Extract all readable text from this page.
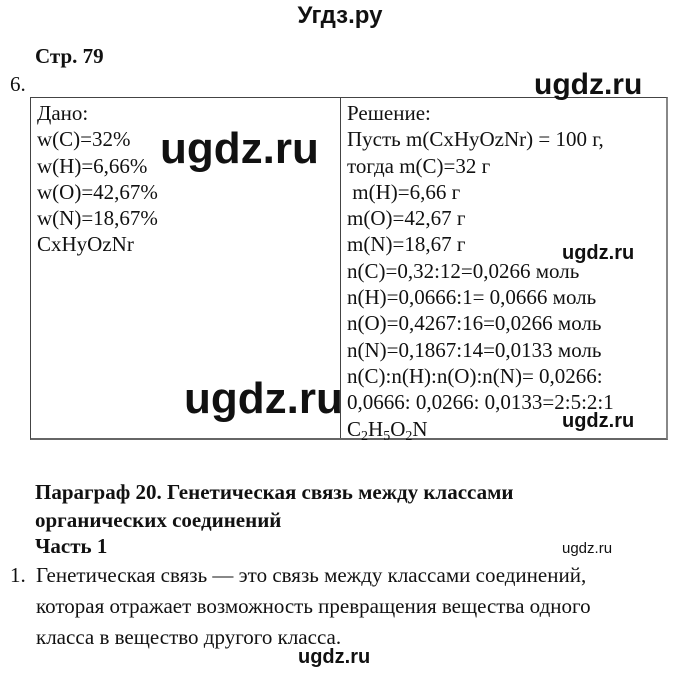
Угдз.ру
Стр. 79
6.
Дано:
w(C)=32%
w(H)=6,66%
w(O)=42,67%
w(N)=18,67%
CxHyOzNr
Решение:
Пусть m(CxHyOzNr) = 100 г,
тогда m(C)=32 г
m(H)=6,66 г
m(O)=42,67 г
m(N)=18,67 г
n(C)=0,32:12=0,0266 моль
n(H)=0,0666:1= 0,0666 моль
n(O)=0,4267:16=0,0266 моль
n(N)=0,1867:14=0,0133 моль
n(C):n(H):n(O):n(N)= 0,0266:
0,0666: 0,0266: 0,0133=2:5:2:1
$C_2H_5O_2N$
Параграф 20. Генетическая связь между классами
органических соединений
Часть 1
1. Генетическая связь — это связь между классами соединений,
которая отражает возможность превращения вещества одного
класса в вещество другого класса.
ugdz.ru
ugdz.ru
ugdz.ru
ugdz.ru	ugdz.ru
ugdz.ru
ugdz.ru
